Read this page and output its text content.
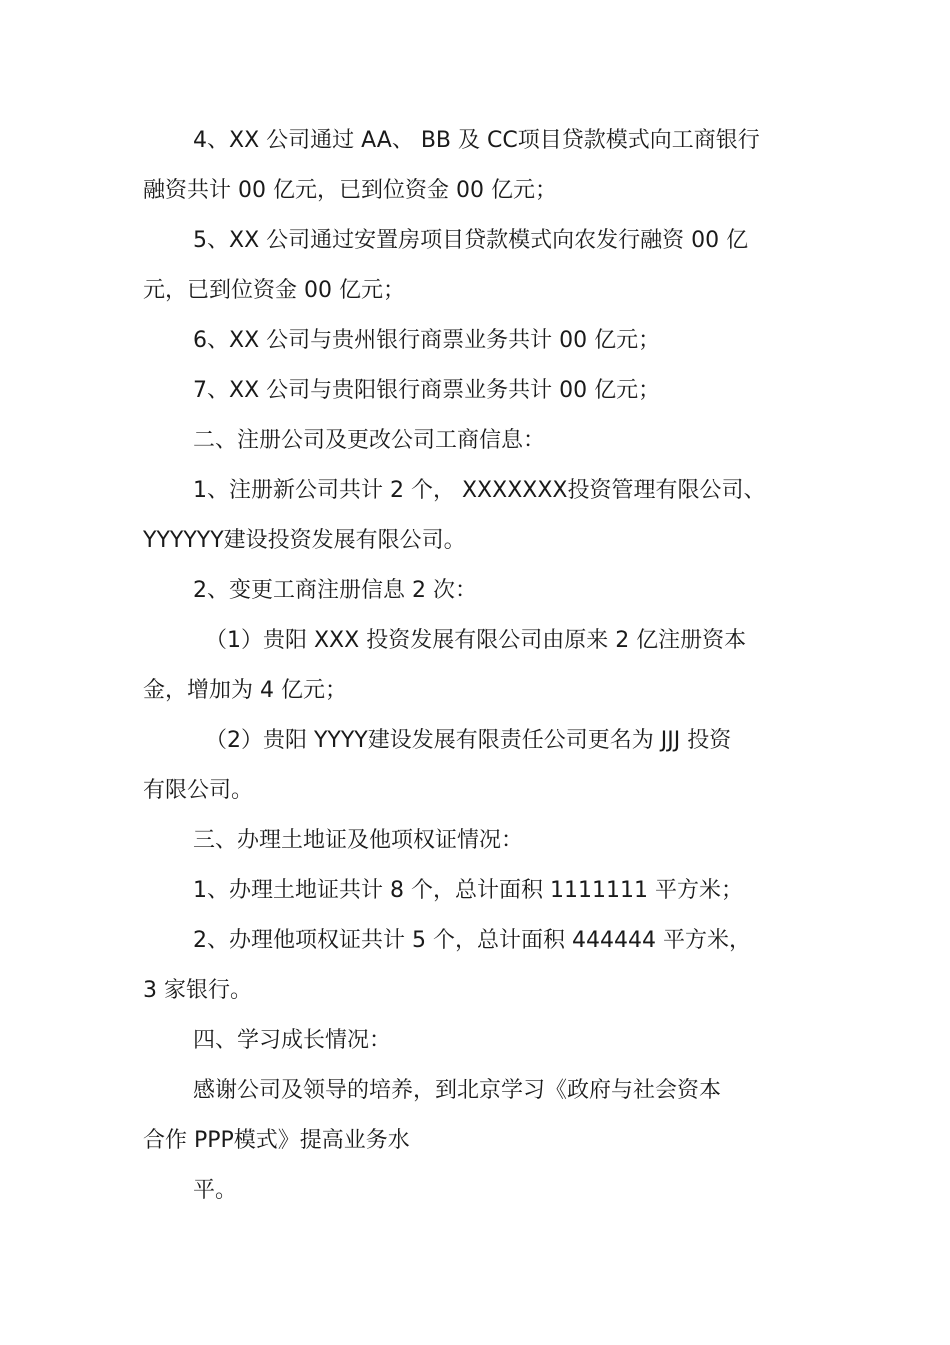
4、XX 公司通过 AA、 BB 及 CC项目贷款模式向工商银行
融资共计 00 亿元，已到位资金 00 亿元；
5、XX 公司通过安置房项目贷款模式向农发行融资 00 亿
元，已到位资金 00 亿元；
6、XX 公司与贵州银行商票业务共计 00 亿元；
7、XX 公司与贵阳银行商票业务共计 00 亿元；
二、注册公司及更改公司工商信息：
1、注册新公司共计 2 个， XXXXXXX投资管理有限公司、
YYYYYY建设投资发展有限公司。
2、变更工商注册信息 2 次：
（1）贵阳 XXX 投资发展有限公司由原来 2 亿注册资本
金，增加为 4 亿元；
（2）贵阳 YYYY建设发展有限责任公司更名为 JJJ 投资
有限公司。
三、办理土地证及他项权证情况：
1、办理土地证共计 8 个，总计面积 1111111 平方米；
2、办理他项权证共计 5 个，总计面积 444444 平方米，
3 家银行。
四、学习成长情况：
感谢公司及领导的培养，到北京学习《政府与社会资本
合作 PPP模式》提高业务水
平。
